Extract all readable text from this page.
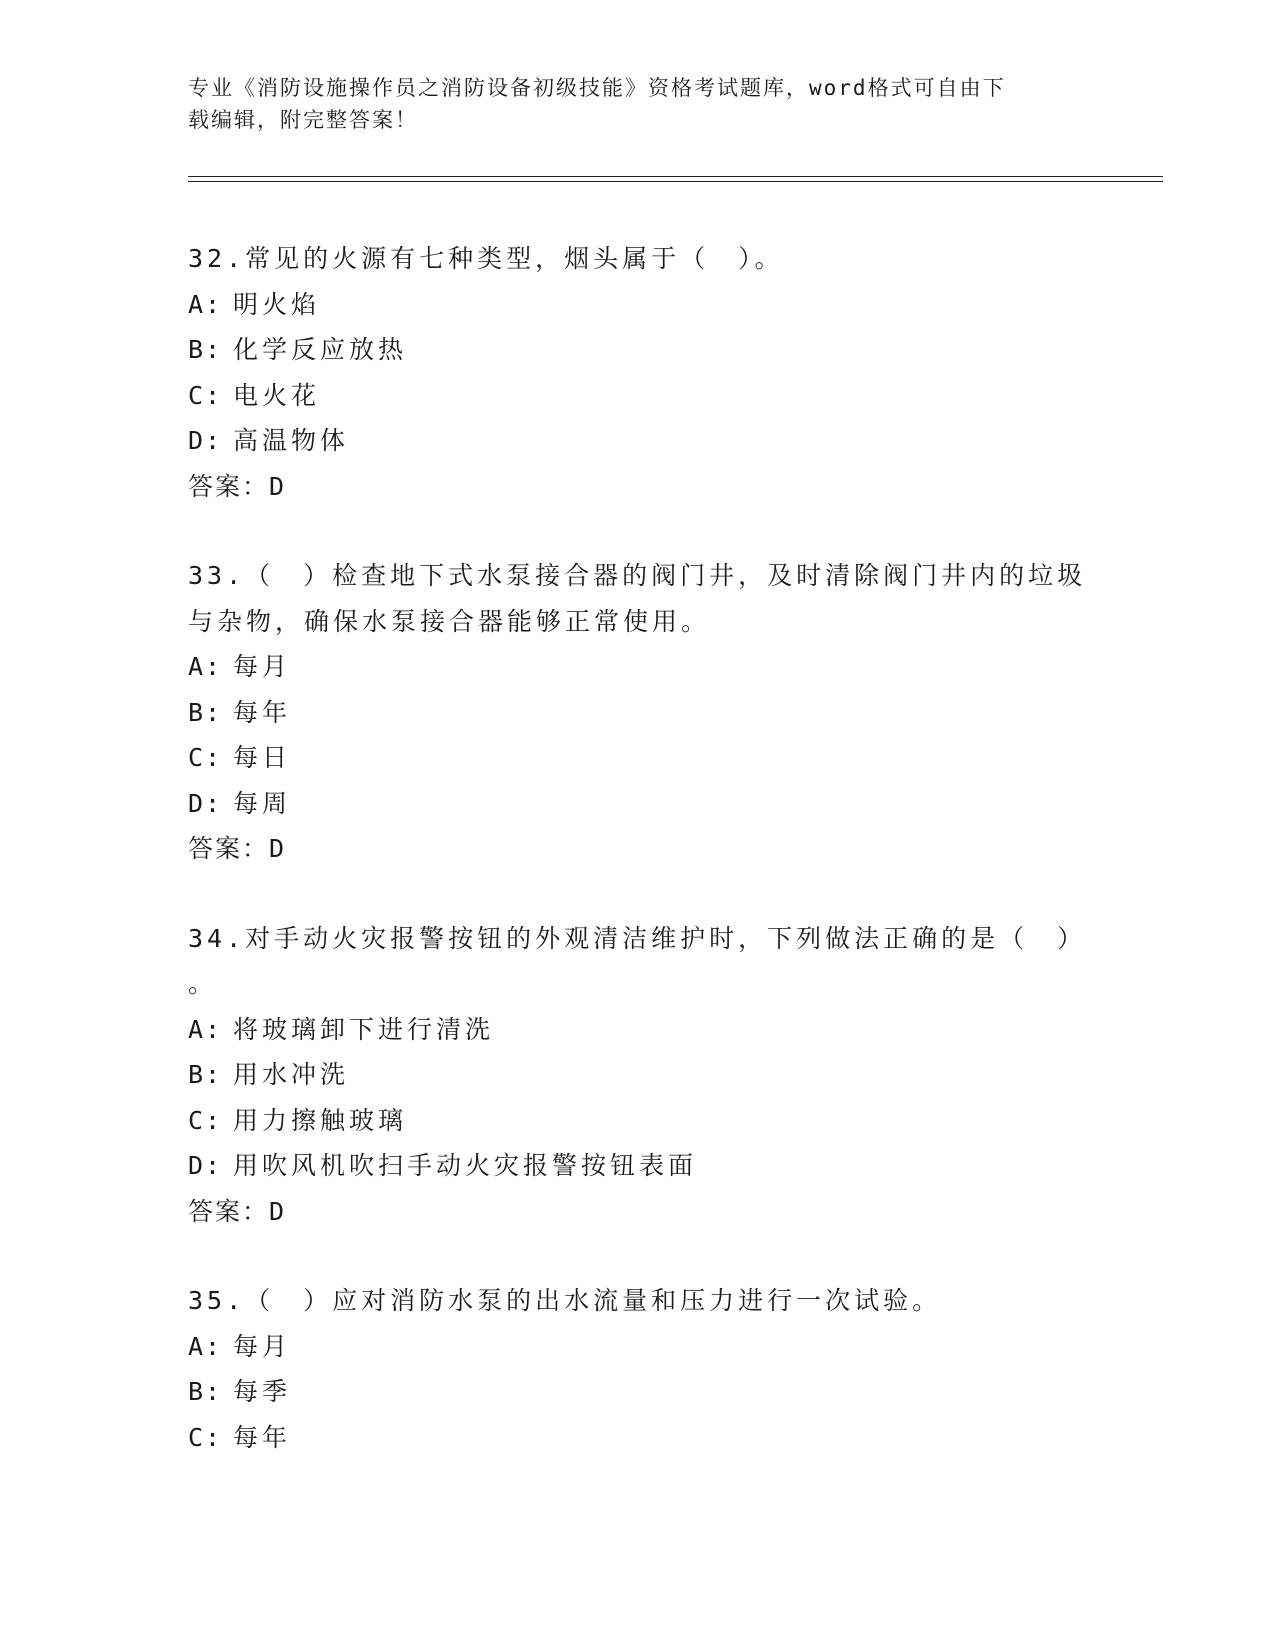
专业《消防设施操作员之消防设备初级技能》资格考试题库，word格式可自由下
载编辑，附完整答案！

32.常见的火源有七种类型，烟头属于（　）。

A: 明火焰
B: 化学反应放热
C: 电火花
D: 高温物体

答案：D

33.（　）检查地下式水泵接合器的阀门井，及时清除阀门井内的垃圾

与杂物，确保水泵接合器能够正常使用。

A: 每月
B: 每年
C: 每日
D: 每周

答案：D

34.对手动火灾报警按钮的外观清洁维护时，下列做法正确的是（　）

。

A: 将玻璃卸下进行清洗
B: 用水冲洗
C: 用力擦触玻璃
D: 用吹风机吹扫手动火灾报警按钮表面

答案：D

35.（　）应对消防水泵的出水流量和压力进行一次试验。

A: 每月
B: 每季
C: 每年
